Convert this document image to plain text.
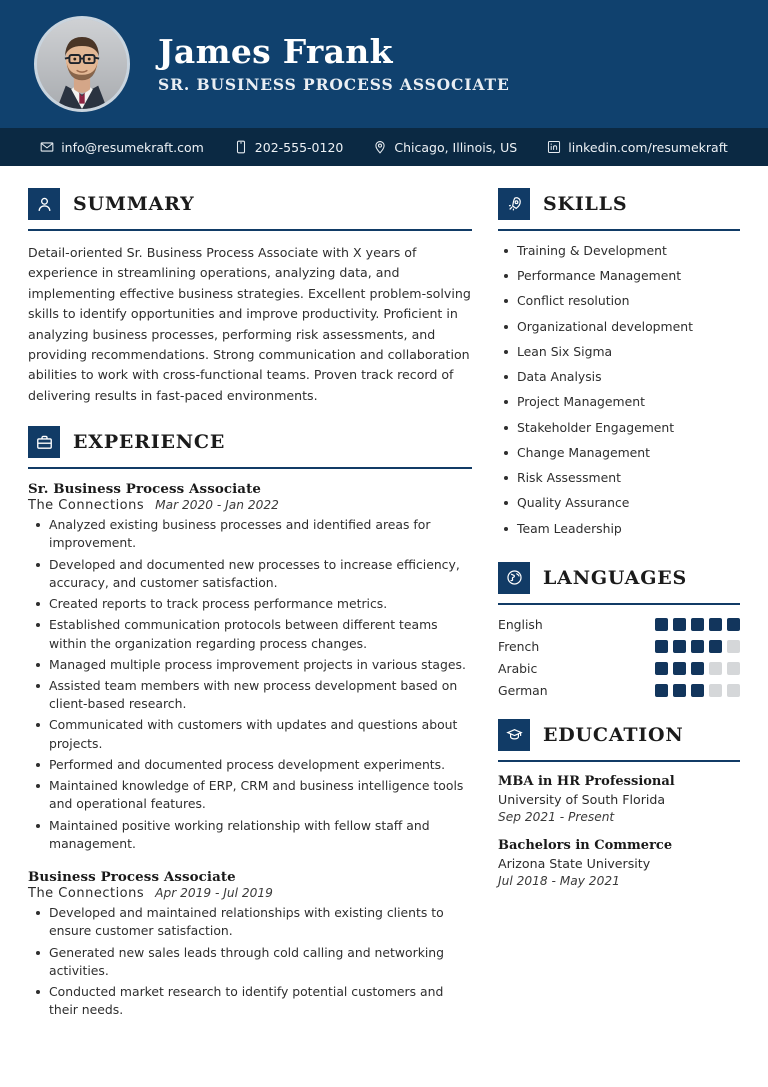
James Frank
SR. BUSINESS PROCESS ASSOCIATE
info@resumekraft.com	202-555-0120	Chicago, Illinois, US	linkedin.com/resumekraft
SUMMARY
Detail-oriented Sr. Business Process Associate with X years of experience in streamlining operations, analyzing data, and implementing effective business strategies. Excellent problem-solving skills to identify opportunities and improve productivity. Proficient in analyzing business processes, performing risk assessments, and providing recommendations. Strong communication and collaboration abilities to work with cross-functional teams. Proven track record of delivering results in fast-paced environments.
EXPERIENCE
Sr. Business Process Associate
The Connections Mar 2020 - Jan 2022
Analyzed existing business processes and identified areas for improvement.
Developed and documented new processes to increase efficiency, accuracy, and customer satisfaction.
Created reports to track process performance metrics.
Established communication protocols between different teams within the organization regarding process changes.
Managed multiple process improvement projects in various stages.
Assisted team members with new process development based on client-based research.
Communicated with customers with updates and questions about projects.
Performed and documented process development experiments.
Maintained knowledge of ERP, CRM and business intelligence tools and operational features.
Maintained positive working relationship with fellow staff and management.
Business Process Associate
The Connections Apr 2019 - Jul 2019
Developed and maintained relationships with existing clients to ensure customer satisfaction.
Generated new sales leads through cold calling and networking activities.
Conducted market research to identify potential customers and their needs.
SKILLS
Training & Development
Performance Management
Conflict resolution
Organizational development
Lean Six Sigma
Data Analysis
Project Management
Stakeholder Engagement
Change Management
Risk Assessment
Quality Assurance
Team Leadership
LANGUAGES
English
French
Arabic
German
EDUCATION
MBA in HR Professional
University of South Florida
Sep 2021 - Present
Bachelors in Commerce
Arizona State University
Jul 2018 - May 2021
